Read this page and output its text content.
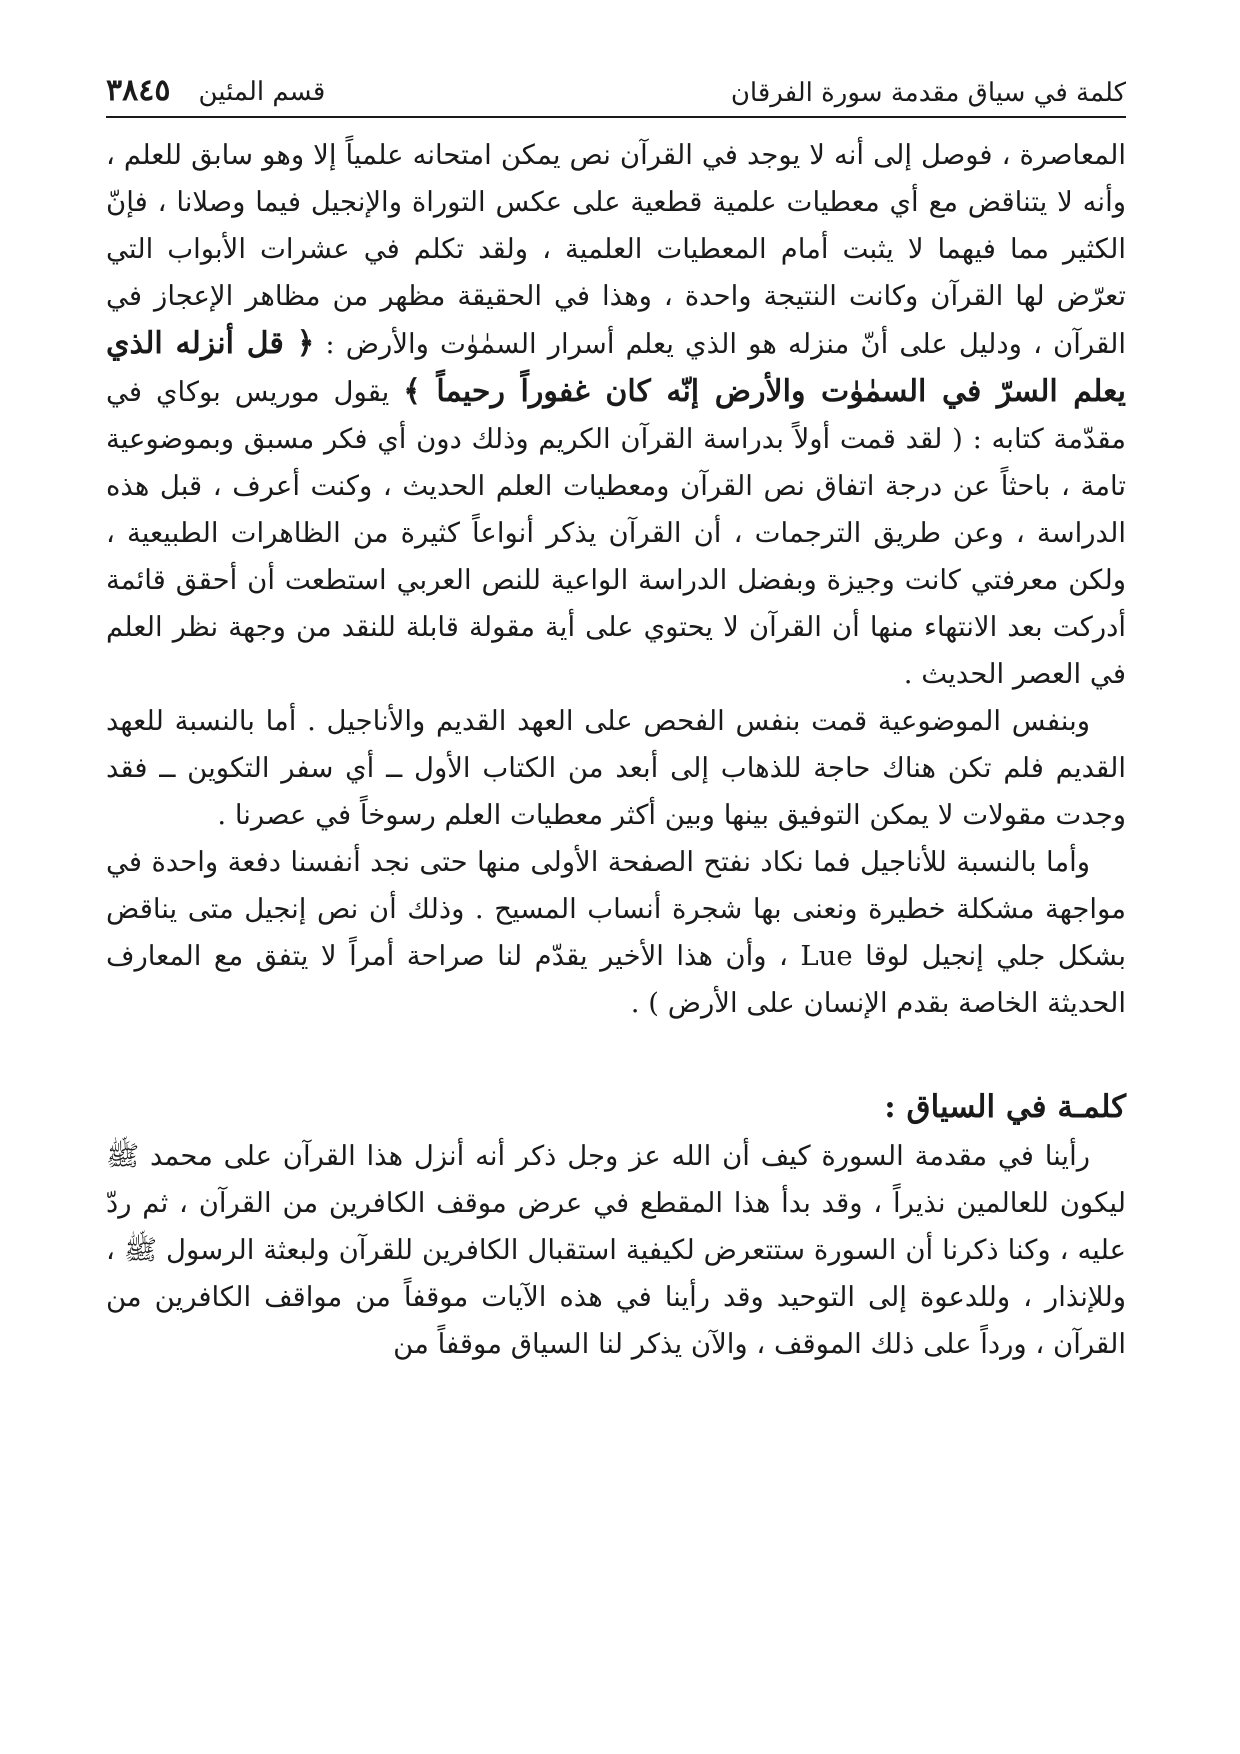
كلمة في سياق مقدمة سورة الفرقان
قسم المئين
٣٨٤٥

المعاصرة ، فوصل إلى أنه لا يوجد في القرآن نص يمكن امتحانه علمياً إلا وهو سابق للعلم ، وأنه لا يتناقض مع أي معطيات علمية قطعية على عكس التوراة والإنجيل فيما وصلانا ، فإنّ الكثير مما فيهما لا يثبت أمام المعطيات العلمية ، ولقد تكلم في عشرات الأبواب التي تعرّض لها القرآن وكانت النتيجة واحدة ، وهذا في الحقيقة مظهر من مظاهر الإعجاز في القرآن ، ودليل على أنّ منزله هو الذي يعلم أسرار السمٰوٰت والأرض : ﴿ قل أنزله الذي يعلم السرّ في السمٰوٰت والأرض إنّه كان غفوراً رحيماً ﴾ يقول موريس بوكاي في مقدّمة كتابه : ( لقد قمت أولاً بدراسة القرآن الكريم وذلك دون أي فكر مسبق وبموضوعية تامة ، باحثاً عن درجة اتفاق نص القرآن ومعطيات العلم الحديث ، وكنت أعرف ، قبل هذه الدراسة ، وعن طريق الترجمات ، أن القرآن يذكر أنواعاً كثيرة من الظاهرات الطبيعية ، ولكن معرفتي كانت وجيزة وبفضل الدراسة الواعية للنص العربي استطعت أن أحقق قائمة أدركت بعد الانتهاء منها أن القرآن لا يحتوي على أية مقولة قابلة للنقد من وجهة نظر العلم في العصر الحديث .

وبنفس الموضوعية قمت بنفس الفحص على العهد القديم والأناجيل . أما بالنسبة للعهد القديم فلم تكن هناك حاجة للذهاب إلى أبعد من الكتاب الأول ــ أي سفر التكوين ــ فقد وجدت مقولات لا يمكن التوفيق بينها وبين أكثر معطيات العلم رسوخاً في عصرنا .

وأما بالنسبة للأناجيل فما نكاد نفتح الصفحة الأولى منها حتى نجد أنفسنا دفعة واحدة في مواجهة مشكلة خطيرة ونعنى بها شجرة أنساب المسيح . وذلك أن نص إنجيل متى يناقض بشكل جلي إنجيل لوقا Lue ، وأن هذا الأخير يقدّم لنا صراحة أمراً لا يتفق مع المعارف الحديثة الخاصة بقدم الإنسان على الأرض ) .

كلمـة في السياق :

رأينا في مقدمة السورة كيف أن الله عز وجل ذكر أنه أنزل هذا القرآن على محمد ﷺ ليكون للعالمين نذيراً ، وقد بدأ هذا المقطع في عرض موقف الكافرين من القرآن ، ثم ردّ عليه ، وكنا ذكرنا أن السورة ستتعرض لكيفية استقبال الكافرين للقرآن ولبعثة الرسول ﷺ ، وللإنذار ، وللدعوة إلى التوحيد وقد رأينا في هذه الآيات موقفاً من مواقف الكافرين من القرآن ، ورداً على ذلك الموقف ، والآن يذكر لنا السياق موقفاً من
